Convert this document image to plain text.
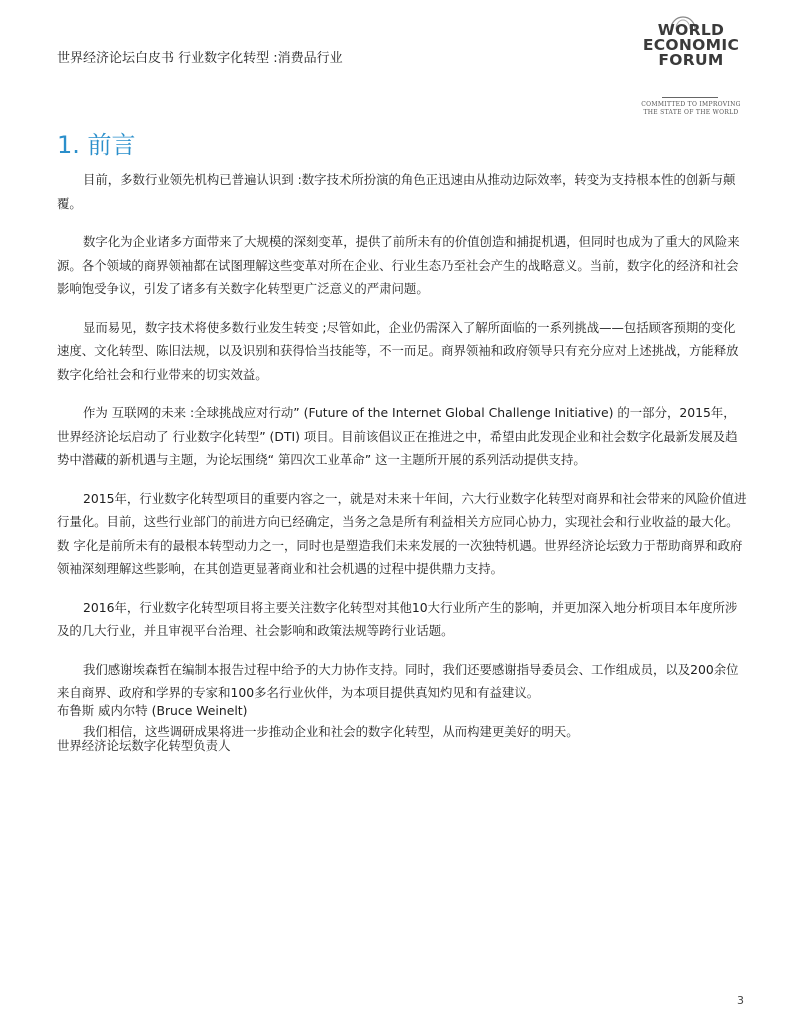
世界经济论坛白皮书 行业数字化转型 :消费品行业
WORLD
ECONOMIC
FORUM
COMMITTED TO IMPROVING THE STATE OF THE WORLD
1. 前言

目前，多数行业领先机构已普遍认识到 :数字技术所扮演的角色正迅速由从推动边际效率，转变为支持根本性的创新与颠覆。

数字化为企业诸多方面带来了大规模的深刻变革，提供了前所未有的价值创造和捕捉机遇，但同时也成为了重大的风险来源。各个领域的商界领袖都在试图理解这些变革对所在企业、行业生态乃至社会产生的战略意义。当前，数字化的经济和社会影响饱受争议，引发了诸多有关数字化转型更广泛意义的严肃问题。

显而易见，数字技术将使多数行业发生转变 ;尽管如此，企业仍需深入了解所面临的一系列挑战——包括顾客预期的变化速度、文化转型、陈旧法规，以及识别和获得恰当技能等，不一而足。商界领袖和政府领导只有充分应对上述挑战，方能释放数字化给社会和行业带来的切实效益。

作为 互联网的未来 :全球挑战应对行动” (Future of the Internet Global Challenge Initiative) 的一部分，2015年，世界经济论坛启动了 行业数字化转型” (DTI) 项目。目前该倡议正在推进之中，希望由此发现企业和社会数字化最新发展及趋势中潜藏的新机遇与主题，为论坛围绕“ 第四次工业革命” 这一主题所开展的系列活动提供支持。

2015年，行业数字化转型项目的重要内容之一，就是对未来十年间，六大行业数字化转型对商界和社会带来的风险价值进行量化。目前，这些行业部门的前进方向已经确定，当务之急是所有利益相关方应同心协力，实现社会和行业收益的最大化。数 字化是前所未有的最根本转型动力之一，同时也是塑造我们未来发展的一次独特机遇。世界经济论坛致力于帮助商界和政府 领袖深刻理解这些影响，在其创造更显著商业和社会机遇的过程中提供鼎力支持。

2016年，行业数字化转型项目将主要关注数字化转型对其他10大行业所产生的影响，并更加深入地分析项目本年度所涉及的几大行业，并且审视平台治理、社会影响和政策法规等跨行业话题。

我们感谢埃森哲在编制本报告过程中给予的大力协作支持。同时，我们还要感谢指导委员会、工作组成员，以及200余位来自商界、政府和学界的专家和100多名行业伙伴，为本项目提供真知灼见和有益建议。

我们相信，这些调研成果将进一步推动企业和社会的数字化转型，从而构建更美好的明天。

布鲁斯 威内尔特 (Bruce Weinelt)
世界经济论坛数字化转型负责人
3
